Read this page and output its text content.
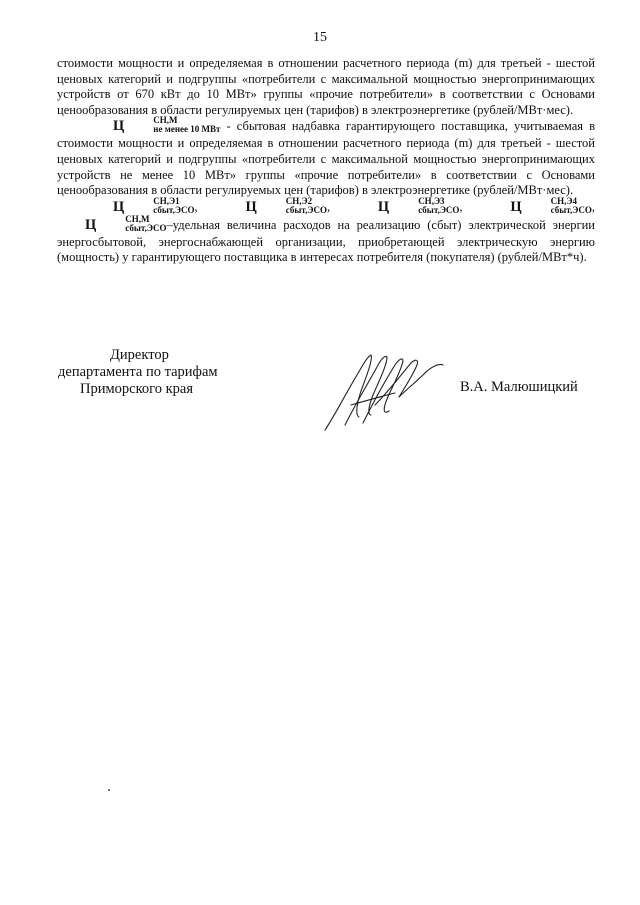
15

стоимости мощности и определяемая в отношении расчетного периода (m) для третьей - шестой ценовых категорий и подгруппы «потребители с максимальной мощностью энергопринимающих устройств от 670 кВт до 10 МВт» группы «прочие потребители» в соответствии с Основами ценообразования в области регулируемых цен (тарифов) в электроэнергетике (рублей/МВт·мес).

Ц	СН,М
не менее 10 МВт - сбытовая надбавка гарантирующего поставщика, учитываемая в стоимости мощности и определяемая в отношении расчетного периода (m) для третьей - шестой ценовых категорий и подгруппы «потребители с максимальной мощностью энергопринимающих устройств не менее 10 МВт» группы «прочие потребители» в соответствии с Основами ценообразования в области регулируемых цен (тарифов) в электроэнергетике (рублей/МВт·мес).

Ц	СН,Э1
сбыт,ЭСО , Ц	СН,Э2
сбыт,ЭСО , Ц	СН,Э3
сбыт,ЭСО , Ц	СН,Э4
сбыт,ЭСО , Ц	СН,М
сбыт,ЭСО –удельная величина расходов на реализацию (сбыт) электрической энергии энергосбытовой, энергоснабжающей организации, приобретающей электрическую энергию (мощность) у гарантирующего поставщика в интересах потребителя (покупателя) (рублей/МВт*ч).

Директор
департамента по тарифам
Приморского края	В.А. Малюшицкий
